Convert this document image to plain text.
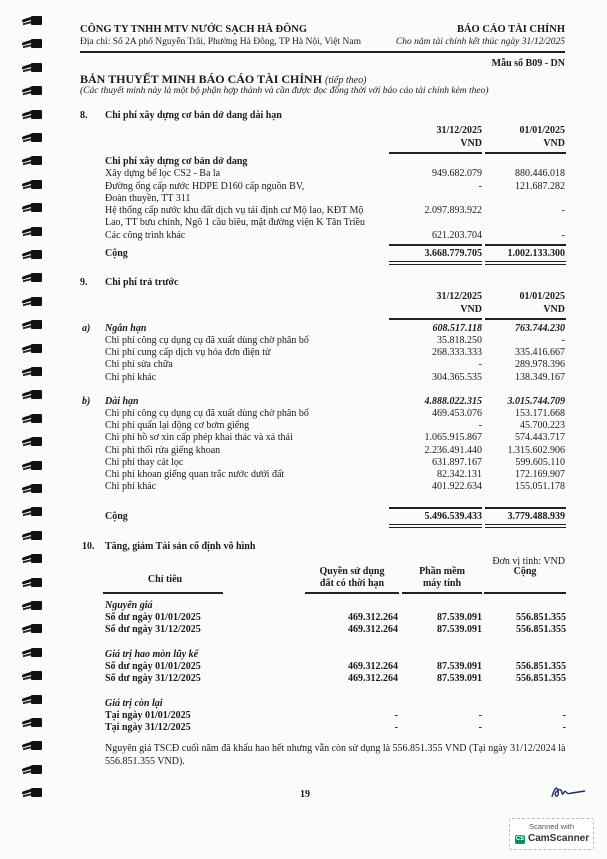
CÔNG TY TNHH MTV NƯỚC SẠCH HÀ ĐÔNG
Địa chỉ: Số 2A phố Nguyễn Trãi, Phường Hà Đông, TP Hà Nội, Việt Nam
BÁO CÁO TÀI CHÍNH
Cho năm tài chính kết thúc ngày 31/12/2025
Mẫu số B09 - DN
BẢN THUYẾT MINH BÁO CÁO TÀI CHÍNH (tiếp theo)
(Các thuyết minh này là một bộ phận hợp thành và cần được đọc đồng thời với báo cáo tài chính kèm theo)
8. Chi phí xây dựng cơ bản dở dang dài hạn
31/12/2025
VND
01/01/2025
VND
Chi phí xây dựng cơ bản dở dang
Xây dựng bể lọc CS2 - Ba la	949.682.079	880.446.018
Đường ống cấp nước HDPE D160 cấp nguồn BV,	-	121.687.282
Đoàn thuyền, TT 311
Hệ thống cấp nước khu đất dịch vụ tái định cư Mộ lao, KĐT Mộ	2.097.893.922	-
Lao, TT bưu chính, Ngõ 1 cầu biêu, mặt đường viện K Tân Triều
Các công trình khác	621.203.704	-
Cộng	3.668.779.705	1.002.133.300
9. Chi phí trả trước
31/12/2025
VND
01/01/2025
VND
a) Ngắn hạn	608.517.118	763.744.230
Chi phí công cụ dụng cụ đã xuất dùng chờ phân bổ	35.818.250	-
Chi phí cung cấp dịch vụ hóa đơn điện tử	268.333.333	335.416.667
Chi phí sửa chữa	-	289.978.396
Chi phí khác	304.365.535	138.349.167
b) Dài hạn	4.888.022.315	3.015.744.709
Chi phí công cụ dụng cụ đã xuất dùng chờ phân bổ	469.453.076	153.171.668
Chi phí quấn lại động cơ bơm giếng	-	45.700.223
Chi phí hồ sơ xin cấp phép khai thác và xả thải	1.065.915.867	574.443.717
Chi phí thổi rửa giếng khoan	2.236.491.440	1.315.602.906
Chi phí thay cát lọc	631.897.167	599.605.110
Chi phí khoan giếng quan trắc nước dưới đất	82.342.131	172.169.907
Chi phí khác	401.922.634	155.051.178
Cộng	5.496.539.433	3.779.488.939
10. Tăng, giảm Tài sản cố định vô hình
Đơn vị tính: VND
Chỉ tiêu
Quyền sử dụng
đất có thời hạn
Phần mềm
máy tính
Cộng
Nguyên giá
Số dư ngày 01/01/2025	469.312.264	87.539.091	556.851.355
Số dư ngày 31/12/2025	469.312.264	87.539.091	556.851.355
Giá trị hao mòn lũy kế
Số dư ngày 01/01/2025	469.312.264	87.539.091	556.851.355
Số dư ngày 31/12/2025	469.312.264	87.539.091	556.851.355
Giá trị còn lại
Tại ngày 01/01/2025	-	-	-
Tại ngày 31/12/2025	-	-	-
Nguyên giá TSCĐ cuối năm đã khấu hao hết nhưng vẫn còn sử dụng là 556.851.355 VND (Tại ngày 31/12/2024 là 556.851.355 VND).
19
Scanned with
CS CamScanner
